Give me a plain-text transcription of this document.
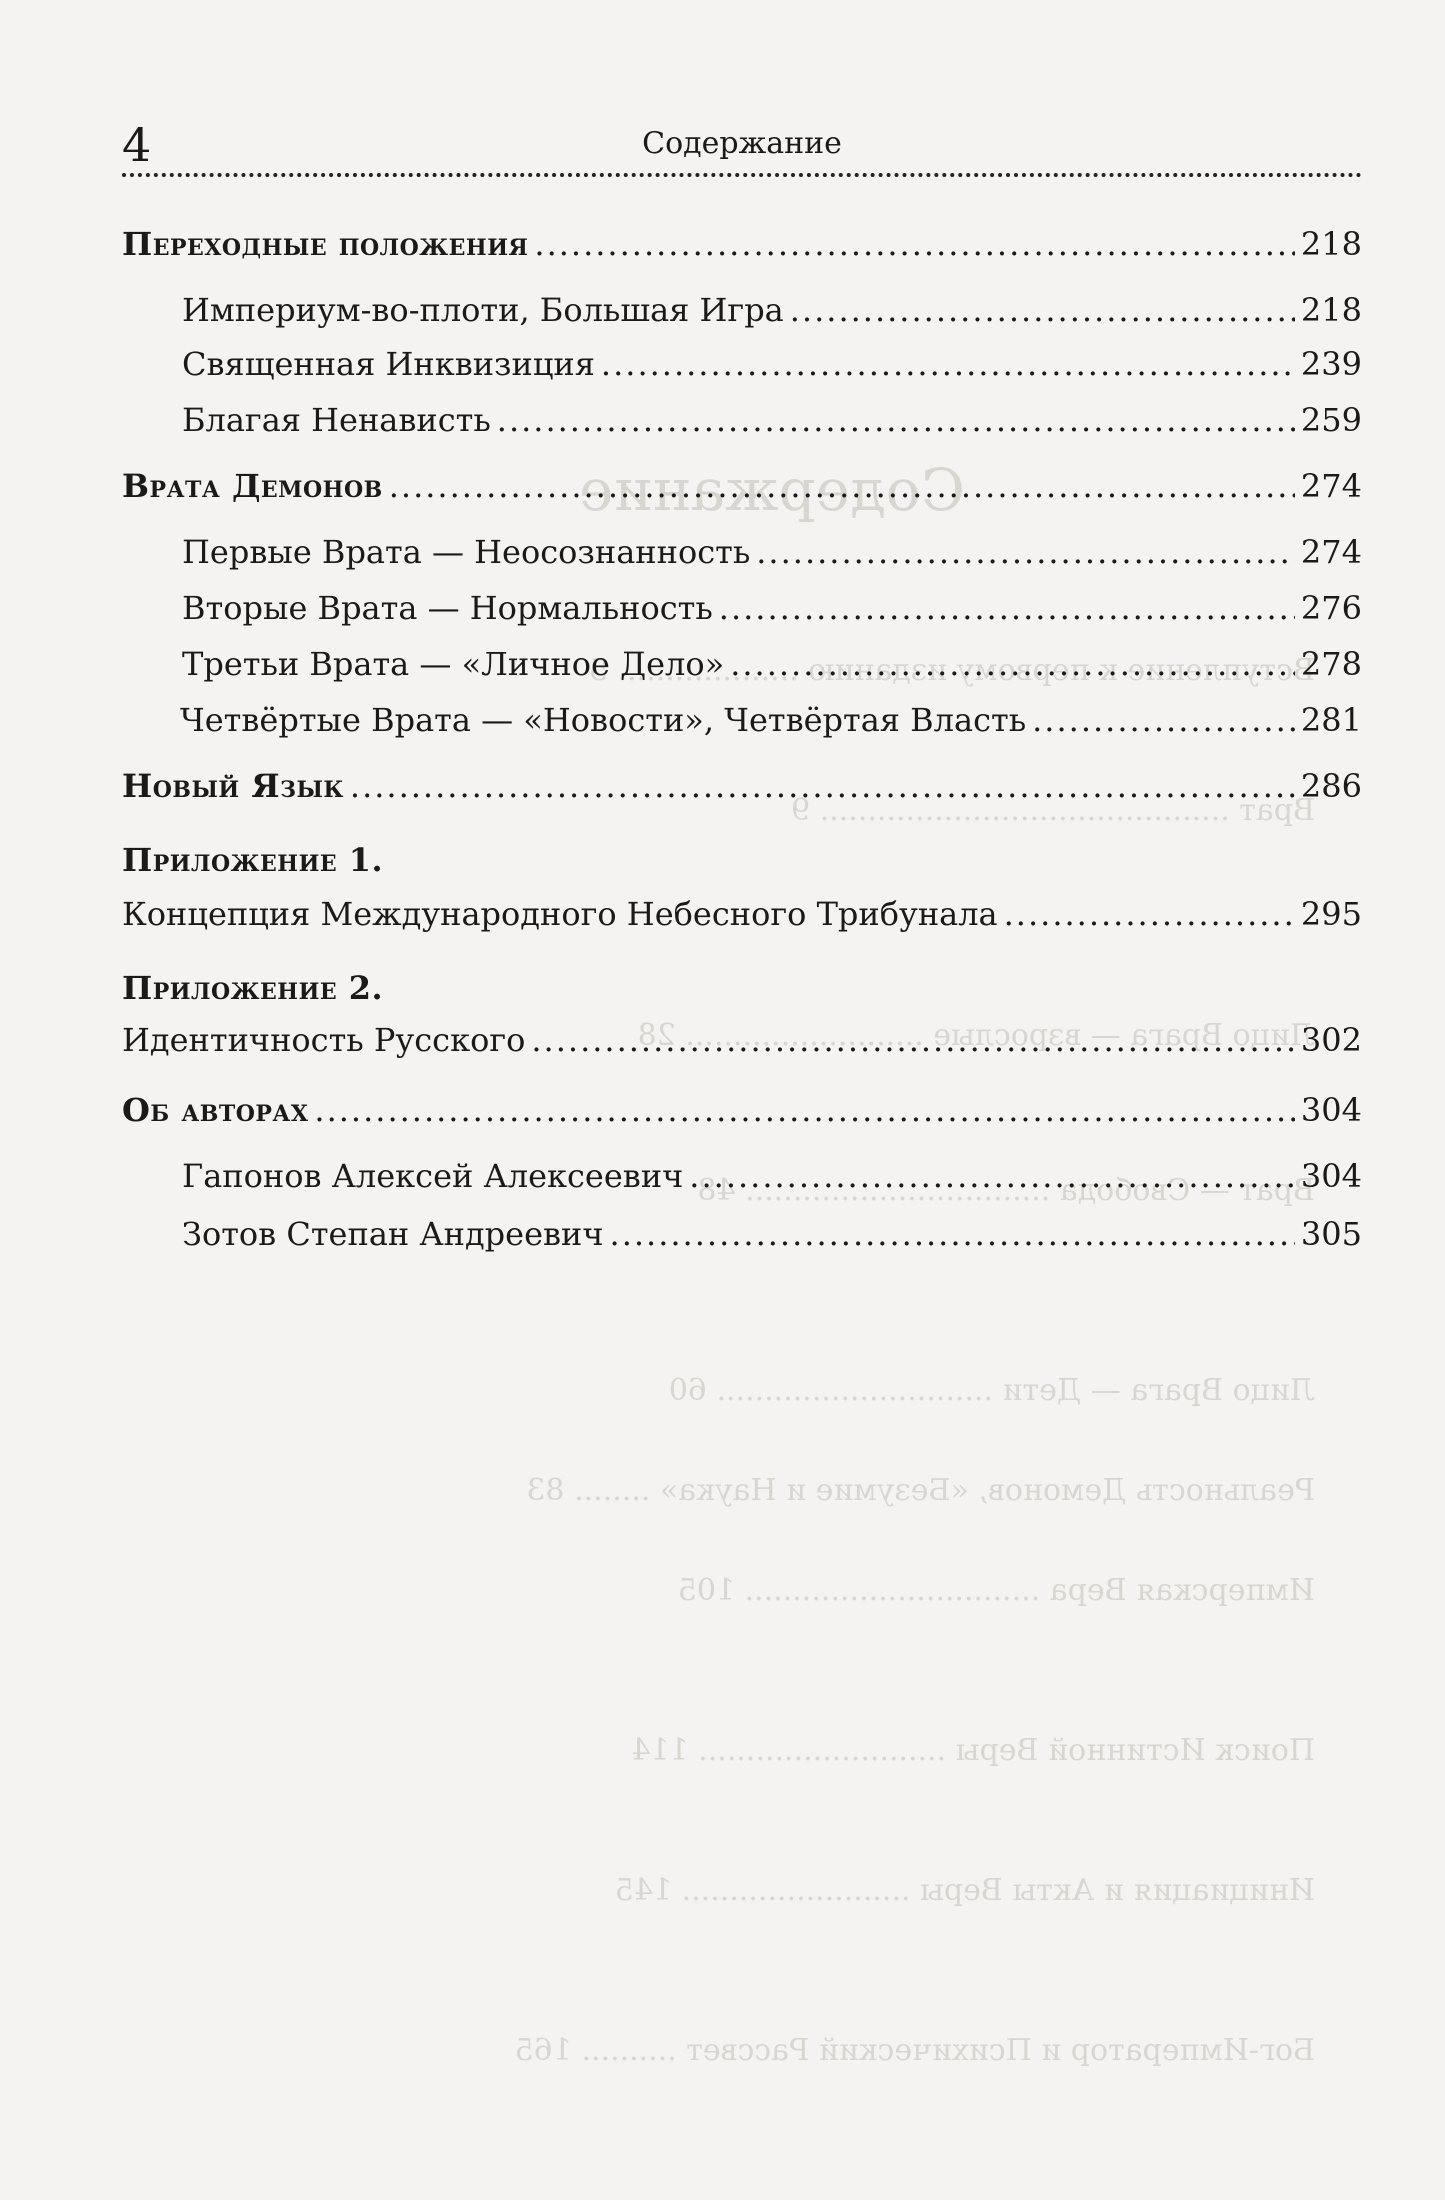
Содержание
Вступление к первому изданию ................... 5
Врат ........................................... 9
Лицо Врага — взрослые ......................... 28
Врат — Свобода ................................ 48
Лицо Врага — Дети ............................. 60
Реальность Демонов, «Безумие и Наука» ........ 83
Имперская Вера ............................... 105
Поиск Истинной Веры .......................... 114
Инициация и Акты Веры ........................ 145
Бог-Император и Психический Рассвет .......... 165
4	Содержание
Переходные положения .....	218
Империум-во-плоти, Большая Игра .....	218
Священная Инквизиция .....	239
Благая Ненависть .....	259
Врата Демонов .....	274
Первые Врата — Неосознанность .....	274
Вторые Врата — Нормальность .....	276
Третьи Врата — «Личное Дело» .....	278
Четвёртые Врата — «Новости», Четвёртая Власть .....	281
Новый Язык .....	286
Приложение 1.
Концепция Международного Небесного Трибунала .....	295
Приложение 2.
Идентичность Русского .....	302
Об авторах .....	304
Гапонов Алексей Алексеевич .....	304
Зотов Степан Андреевич .....	305
